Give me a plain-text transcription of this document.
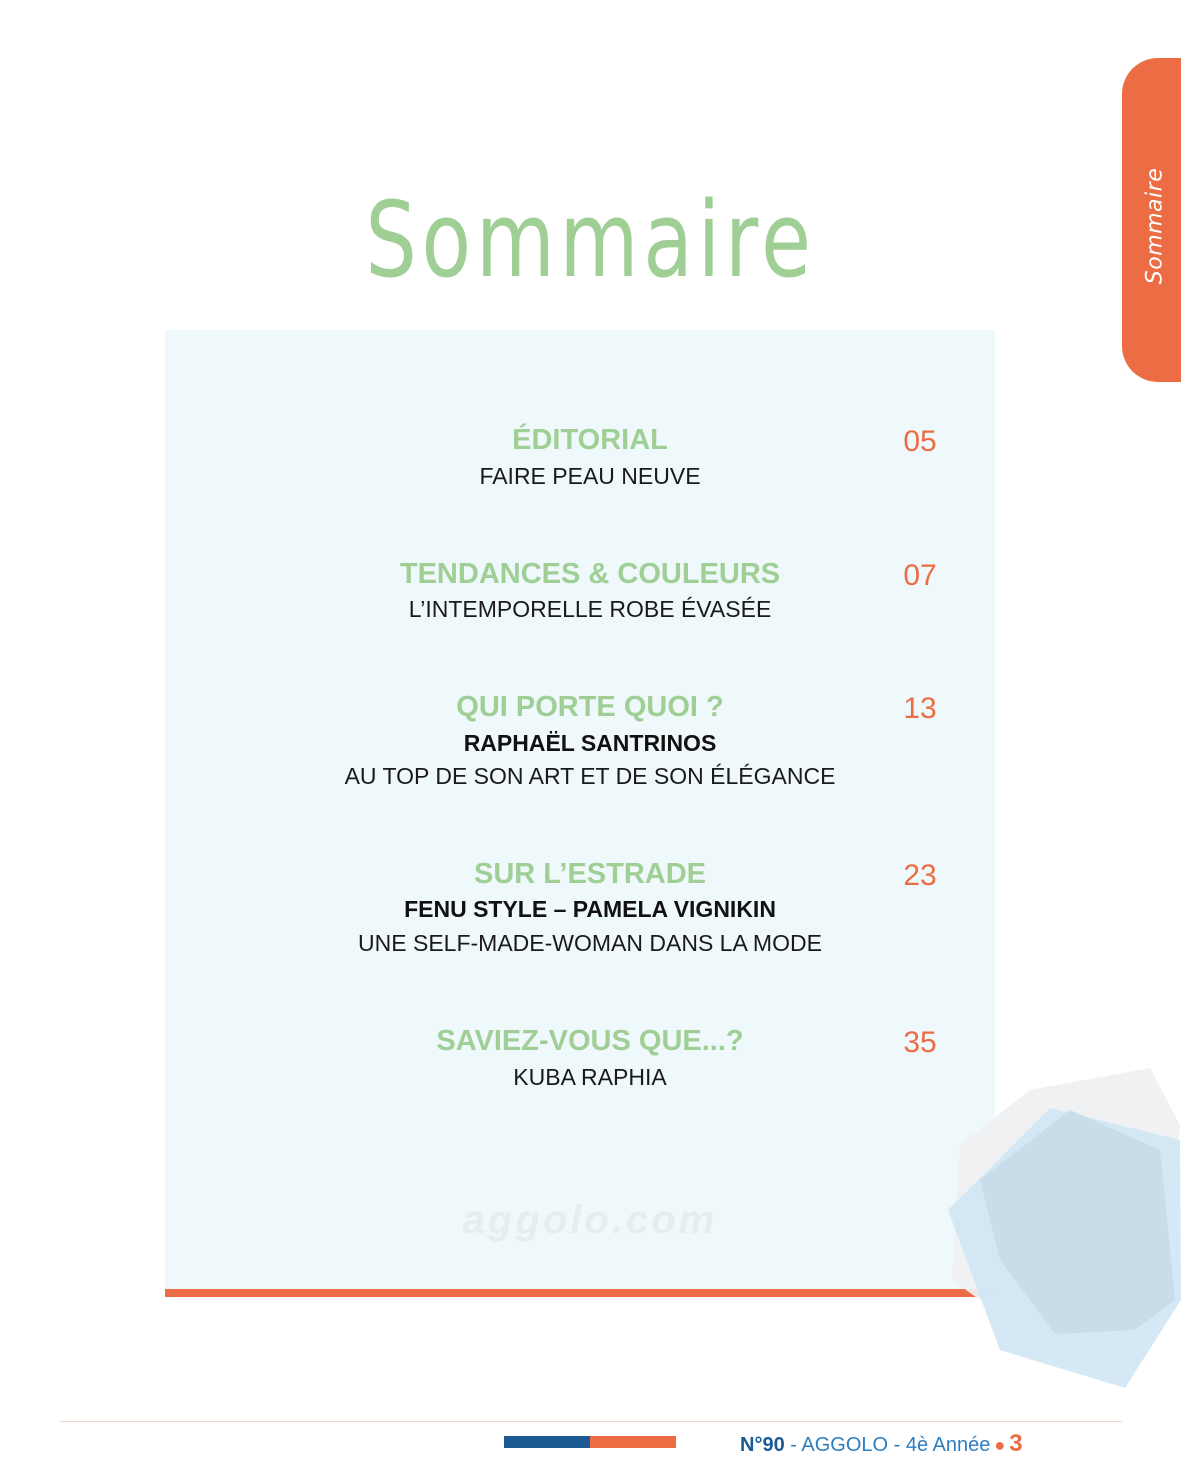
Sommaire
Sommaire
ÉDITORIAL
FAIRE PEAU NEUVE
05
TENDANCES & COULEURS
L’INTEMPORELLE ROBE ÉVASÉE
07
QUI PORTE QUOI ?
RAPHAËL SANTRINOS
AU TOP DE SON ART ET DE SON ÉLÉGANCE
13
SUR L’ESTRADE
FENU STYLE – PAMELA VIGNIKIN
UNE SELF-MADE-WOMAN DANS LA MODE
23
SAVIEZ-VOUS QUE...?
KUBA RAPHIA
35
aggolo.com
N°90 - AGGOLO - 4è Année ● 3
